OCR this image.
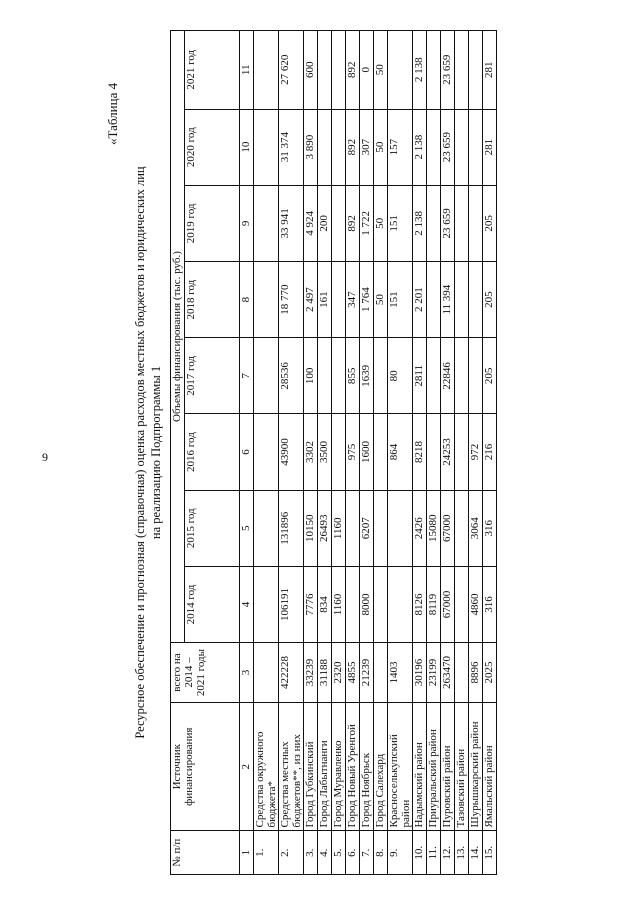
9
«Таблица 4
Ресурсное обеспечение и прогнозная (справочная) оценка расходов местных бюджетов и юридических лиц на реализацию Подпрограммы 1
№ п/п	Источник финансирования	всего на 2014 – 2021 годы	Объемы финансирования (тыс. руб.)							
			2014 год	2015 год	2016 год	2017 год	2018 год	2019 год	2020 год	2021 год
1	2	3	4	5	6	7	8	9	10	11
1.	Средства окружного бюджета*									
2.	Средства местных бюджетов**, из них	422228	106191	131896	43900	28536	18 770	33 941	31 374	27 620
3.	Город Губкинский	33239	7776	10150	3302	100	2 497	4 924	3 890	600
4.	Город Лабытнанги	31188	834	26493	3500		161	200		
5.	Город Муравленко	2320	1160	1160						
6.	Город Новый Уренгой	4855			975	855	347	892	892	892
7.	Город Ноябрьск	21239	8000	6207	1600	1639	1 764	1 722	307	0
8.	Город Салехард						50	50	50	50
9.	Красноселькупский район	1403			864	80	151	151	157	
10.	Надымский район	30196	8126	2426	8218	2811	2 201	2 138	2 138	2 138
11.	Приуральский район	23199	8119	15080						
12.	Пуровский район	263470	67000	67000	24253	22846	11 394	23 659	23 659	23 659
13.	Тазовский район									
14.	Шурышкарский район	8896	4860	3064	972					
15.	Ямальский район	2025	316	316	216	205	205	205	281	281
